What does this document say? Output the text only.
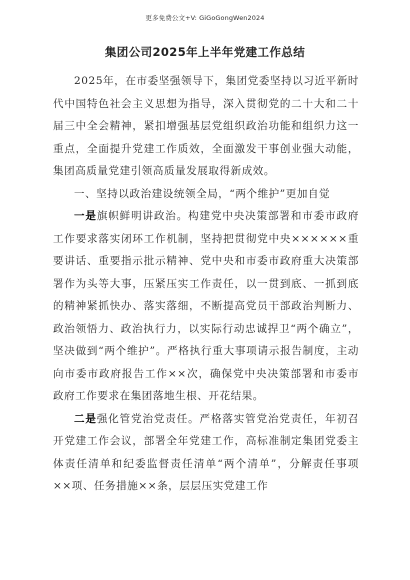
更多免费公文+V: GiGoGongWen2024
集团公司2025年上半年党建工作总结

2025年，在市委坚强领导下，集团党委坚持以习近平新时代中国特色社会主义思想为指导，深入贯彻党的二十大和二十届三中全会精神，紧扣增强基层党组织政治功能和组织力这一重点，全面提升党建工作质效，全面激发干事创业强大动能，集团高质量党建引领高质量发展取得新成效。

一、坚持以政治建设统领全局，“两个维护”更加自觉

一是旗帜鲜明讲政治。构建党中央决策部署和市委市政府工作要求落实闭环工作机制，坚持把贯彻党中央××××××重要讲话、重要指示批示精神、党中央和市委市政府重大决策部署作为头等大事，压紧压实工作责任，以一贯到底、一抓到底的精神紧抓快办、落实落细，不断提高党员干部政治判断力、政治领悟力、政治执行力，以实际行动忠诚捍卫“两个确立”，坚决做到“两个维护”。严格执行重大事项请示报告制度，主动向市委市政府报告工作××次，确保党中央决策部署和市委市政府工作要求在集团落地生根、开花结果。

二是强化管党治党责任。严格落实管党治党责任，年初召开党建工作会议，部署全年党建工作，高标准制定集团党委主体责任清单和纪委监督责任清单“两个清单”，分解责任事项××项、任务措施××条，层层压实党建工作
